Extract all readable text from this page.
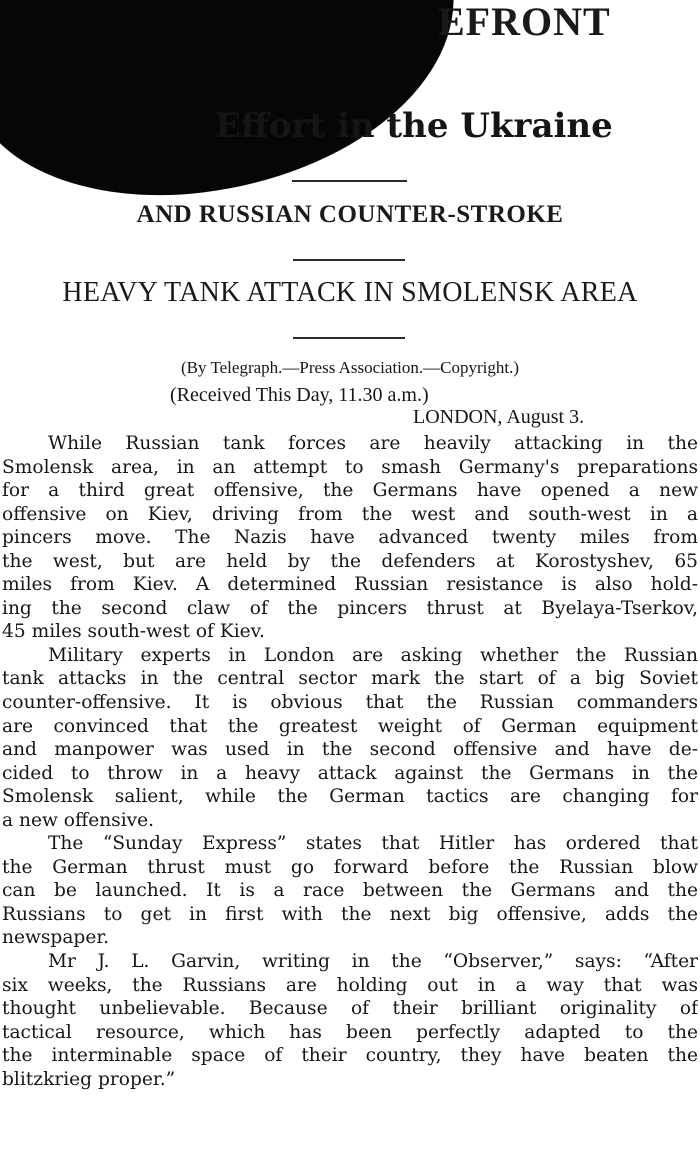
EFRONT
Effort in the Ukraine
AND RUSSIAN COUNTER-STROKE
HEAVY TANK ATTACK IN SMOLENSK AREA
(By Telegraph.—Press Association.—Copyright.)
(Received This Day, 11.30 a.m.)
LONDON, August 3.
While Russian tank forces are heavily attacking in the
Smolensk area, in an attempt to smash Germany's preparations
for a third great offensive, the Germans have opened a new
offensive on Kiev, driving from the west and south-west in a
pincers move. The Nazis have advanced twenty miles from
the west, but are held by the defenders at Korostyshev, 65
miles from Kiev. A determined Russian resistance is also hold-
ing the second claw of the pincers thrust at Byelaya-Tserkov,
45 miles south-west of Kiev.
Military experts in London are asking whether the Russian
tank attacks in the central sector mark the start of a big Soviet
counter-offensive. It is obvious that the Russian commanders
are convinced that the greatest weight of German equipment
and manpower was used in the second offensive and have de-
cided to throw in a heavy attack against the Germans in the
Smolensk salient, while the German tactics are changing for
a new offensive.
The “Sunday Express” states that Hitler has ordered that
the German thrust must go forward before the Russian blow
can be launched. It is a race between the Germans and the
Russians to get in first with the next big offensive, adds the
newspaper.
Mr J. L. Garvin, writing in the “Observer,” says: “After
six weeks, the Russians are holding out in a way that was
thought unbelievable. Because of their brilliant originality of
tactical resource, which has been perfectly adapted to the
the interminable space of their country, they have beaten the
blitzkrieg proper.”
